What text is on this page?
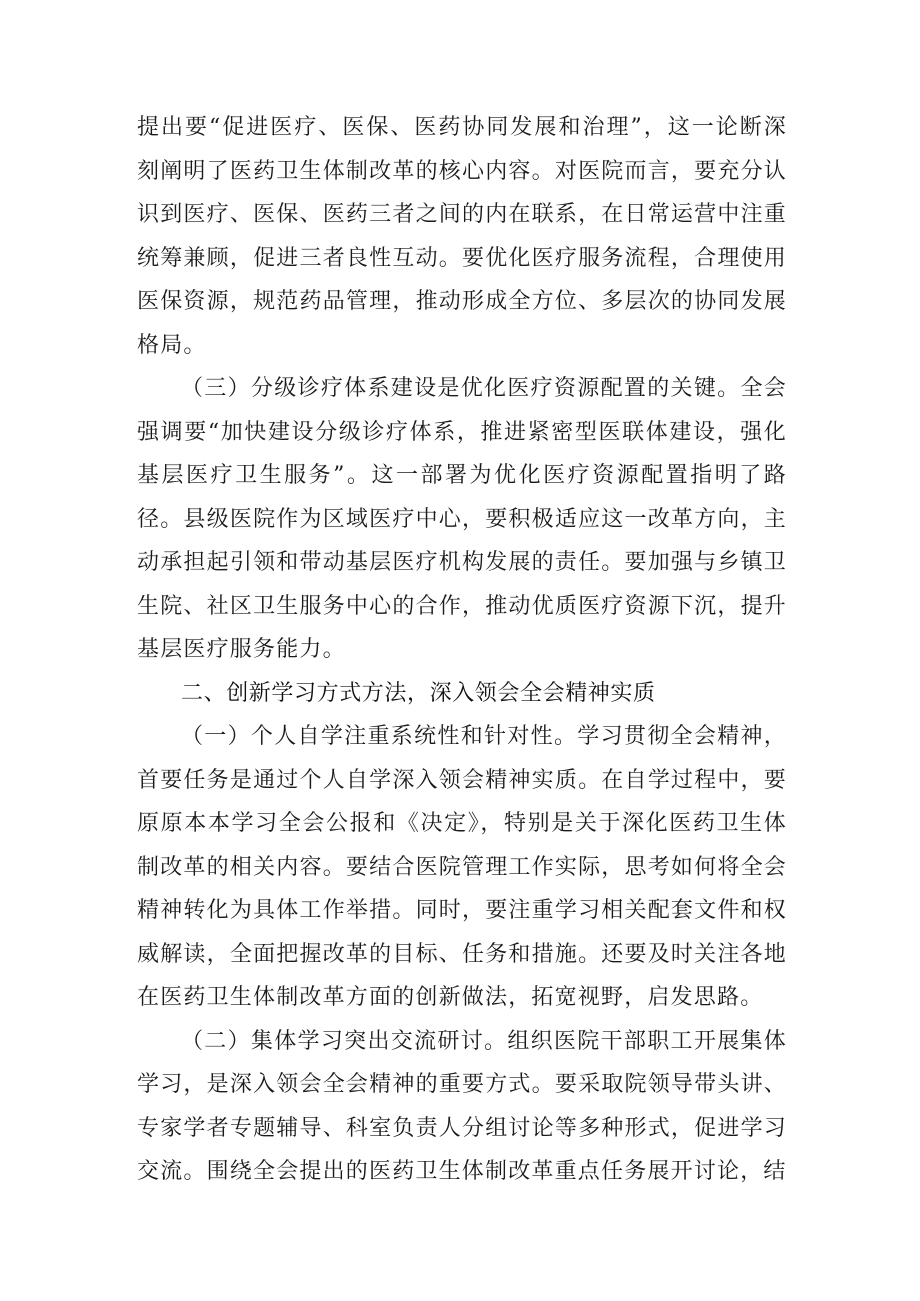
提出要“促进医疗、医保、医药协同发展和治理”，这一论断深刻阐明了医药卫生体制改革的核心内容。对医院而言，要充分认识到医疗、医保、医药三者之间的内在联系，在日常运营中注重统筹兼顾，促进三者良性互动。要优化医疗服务流程，合理使用医保资源，规范药品管理，推动形成全方位、多层次的协同发展格局。

（三）分级诊疗体系建设是优化医疗资源配置的关键。全会强调要“加快建设分级诊疗体系，推进紧密型医联体建设，强化基层医疗卫生服务”。这一部署为优化医疗资源配置指明了路径。县级医院作为区域医疗中心，要积极适应这一改革方向，主动承担起引领和带动基层医疗机构发展的责任。要加强与乡镇卫生院、社区卫生服务中心的合作，推动优质医疗资源下沉，提升基层医疗服务能力。

二、创新学习方式方法，深入领会全会精神实质

（一）个人自学注重系统性和针对性。学习贯彻全会精神，首要任务是通过个人自学深入领会精神实质。在自学过程中，要原原本本学习全会公报和《决定》，特别是关于深化医药卫生体制改革的相关内容。要结合医院管理工作实际，思考如何将全会精神转化为具体工作举措。同时，要注重学习相关配套文件和权威解读，全面把握改革的目标、任务和措施。还要及时关注各地在医药卫生体制改革方面的创新做法，拓宽视野，启发思路。

（二）集体学习突出交流研讨。组织医院干部职工开展集体学习，是深入领会全会精神的重要方式。要采取院领导带头讲、专家学者专题辅导、科室负责人分组讨论等多种形式，促进学习交流。围绕全会提出的医药卫生体制改革重点任务展开讨论，结
